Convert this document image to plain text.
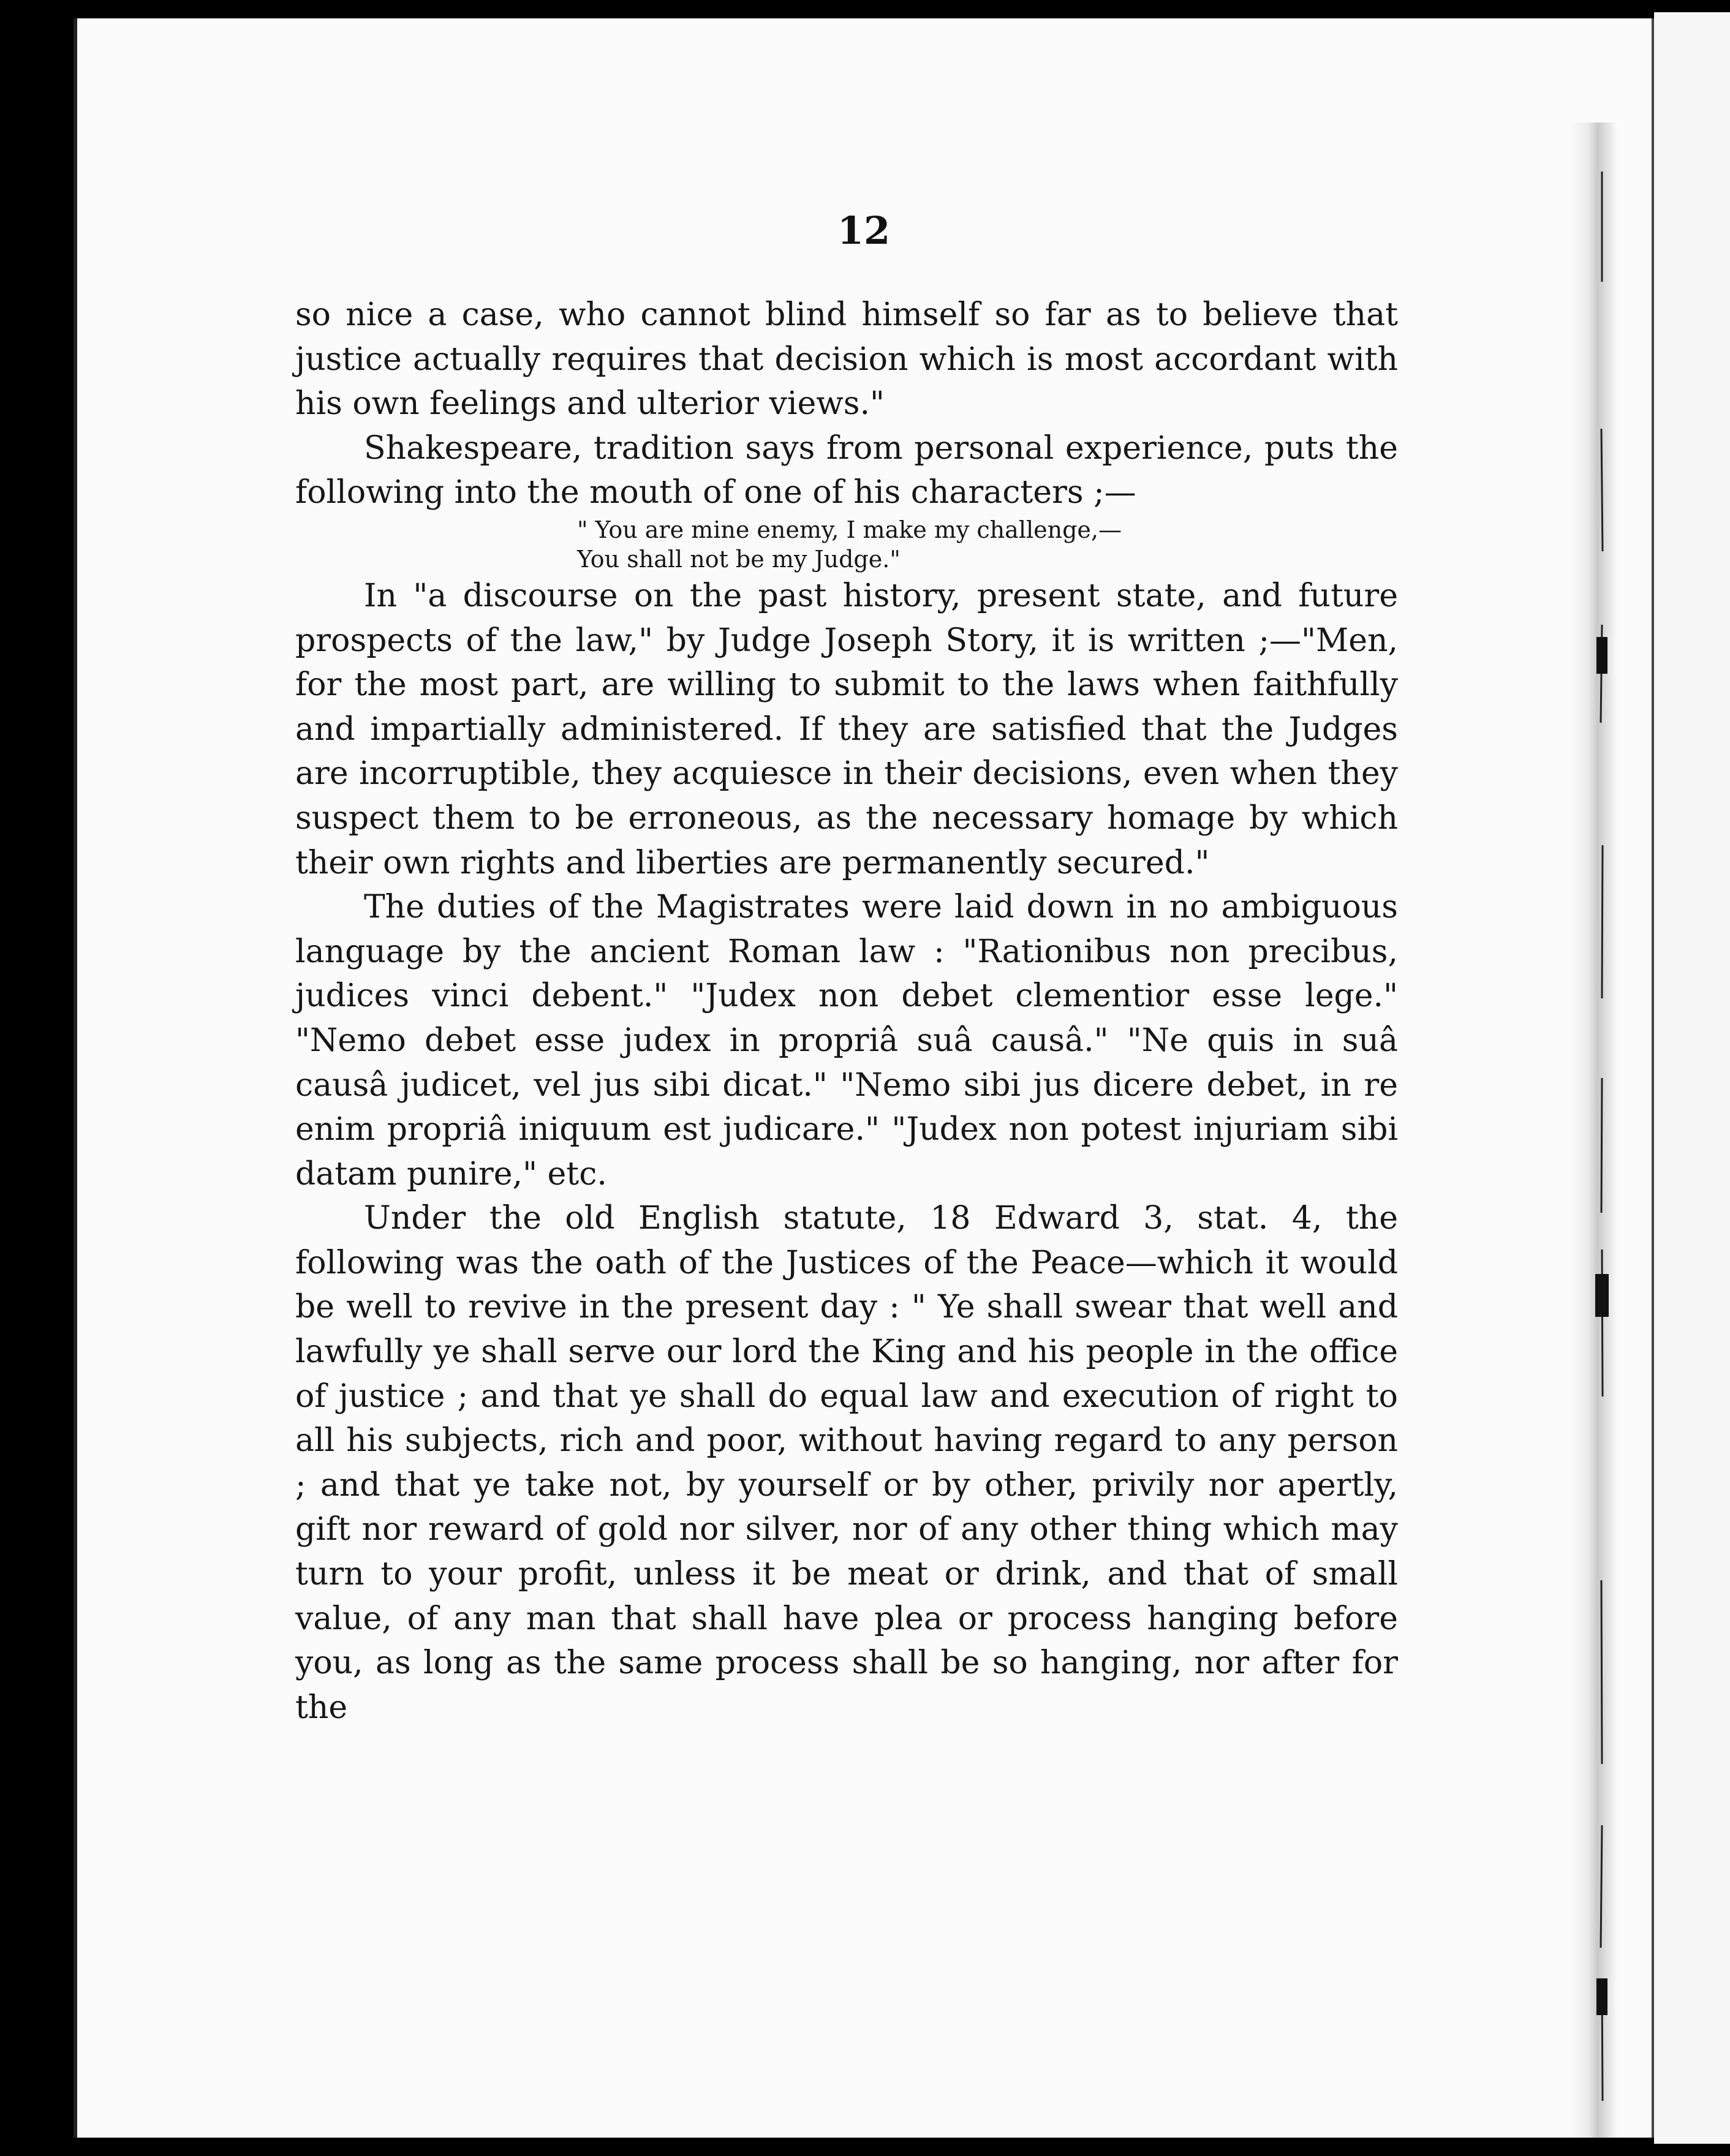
12

so nice a case, who cannot blind himself so far as to believe that justice actually requires that decision which is most accordant with his own feelings and ulterior views."

Shakespeare, tradition says from personal experience, puts the following into the mouth of one of his characters ;—

" You are mine enemy, I make my challenge,—
You shall not be my Judge."

In "a discourse on the past history, present state, and future prospects of the law," by Judge Joseph Story, it is written ;—"Men, for the most part, are willing to submit to the laws when faithfully and impartially administered. If they are satisfied that the Judges are incorruptible, they acquiesce in their decisions, even when they suspect them to be erroneous, as the necessary homage by which their own rights and liberties are permanently secured."

The duties of the Magistrates were laid down in no ambiguous language by the ancient Roman law : "Rationibus non precibus, judices vinci debent." "Judex non debet clementior esse lege." "Nemo debet esse judex in propriâ suâ causâ." "Ne quis in suâ causâ judicet, vel jus sibi dicat." "Nemo sibi jus dicere debet, in re enim propriâ iniquum est judicare." "Judex non potest injuriam sibi datam punire," etc.

Under the old English statute, 18 Edward 3, stat. 4, the following was the oath of the Justices of the Peace—which it would be well to revive in the present day : " Ye shall swear that well and lawfully ye shall serve our lord the King and his people in the office of justice ; and that ye shall do equal law and execution of right to all his subjects, rich and poor, without having regard to any person ; and that ye take not, by yourself or by other, privily nor apertly, gift nor reward of gold nor silver, nor of any other thing which may turn to your profit, unless it be meat or drink, and that of small value, of any man that shall have plea or process hanging before you, as long as the same process shall be so hanging, nor after for the
